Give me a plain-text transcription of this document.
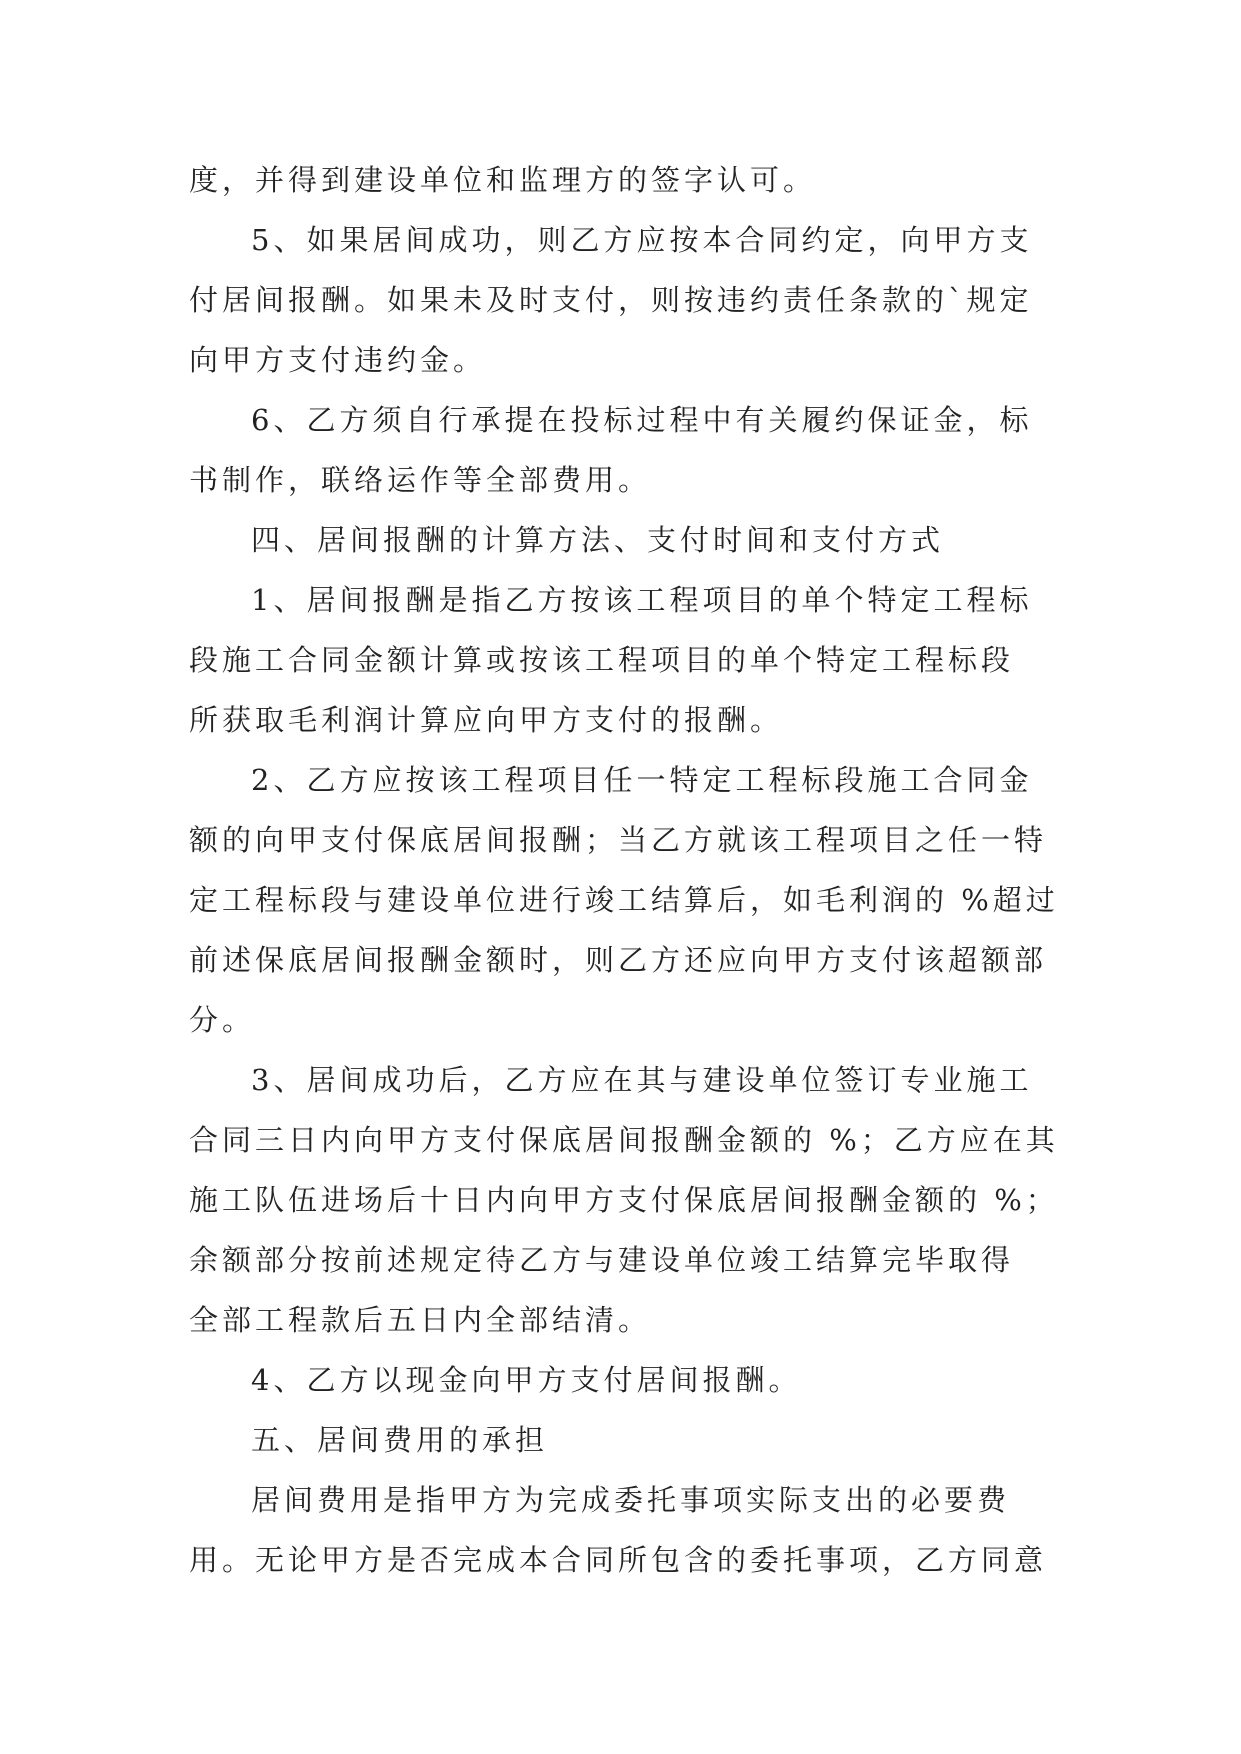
度，并得到建设单位和监理方的签字认可。
5、如果居间成功，则乙方应按本合同约定，向甲方支
付居间报酬。如果未及时支付，则按违约责任条款的`规定
向甲方支付违约金。
6、乙方须自行承提在投标过程中有关履约保证金，标
书制作，联络运作等全部费用。
四、居间报酬的计算方法、支付时间和支付方式
1、居间报酬是指乙方按该工程项目的单个特定工程标
段施工合同金额计算或按该工程项目的单个特定工程标段
所获取毛利润计算应向甲方支付的报酬。
2、乙方应按该工程项目任一特定工程标段施工合同金
额的向甲支付保底居间报酬；当乙方就该工程项目之任一特
定工程标段与建设单位进行竣工结算后，如毛利润的 %超过
前述保底居间报酬金额时，则乙方还应向甲方支付该超额部
分。
3、居间成功后，乙方应在其与建设单位签订专业施工
合同三日内向甲方支付保底居间报酬金额的 %；乙方应在其
施工队伍进场后十日内向甲方支付保底居间报酬金额的 %；
余额部分按前述规定待乙方与建设单位竣工结算完毕取得
全部工程款后五日内全部结清。
4、乙方以现金向甲方支付居间报酬。
五、居间费用的承担
居间费用是指甲方为完成委托事项实际支出的必要费
用。无论甲方是否完成本合同所包含的委托事项，乙方同意
